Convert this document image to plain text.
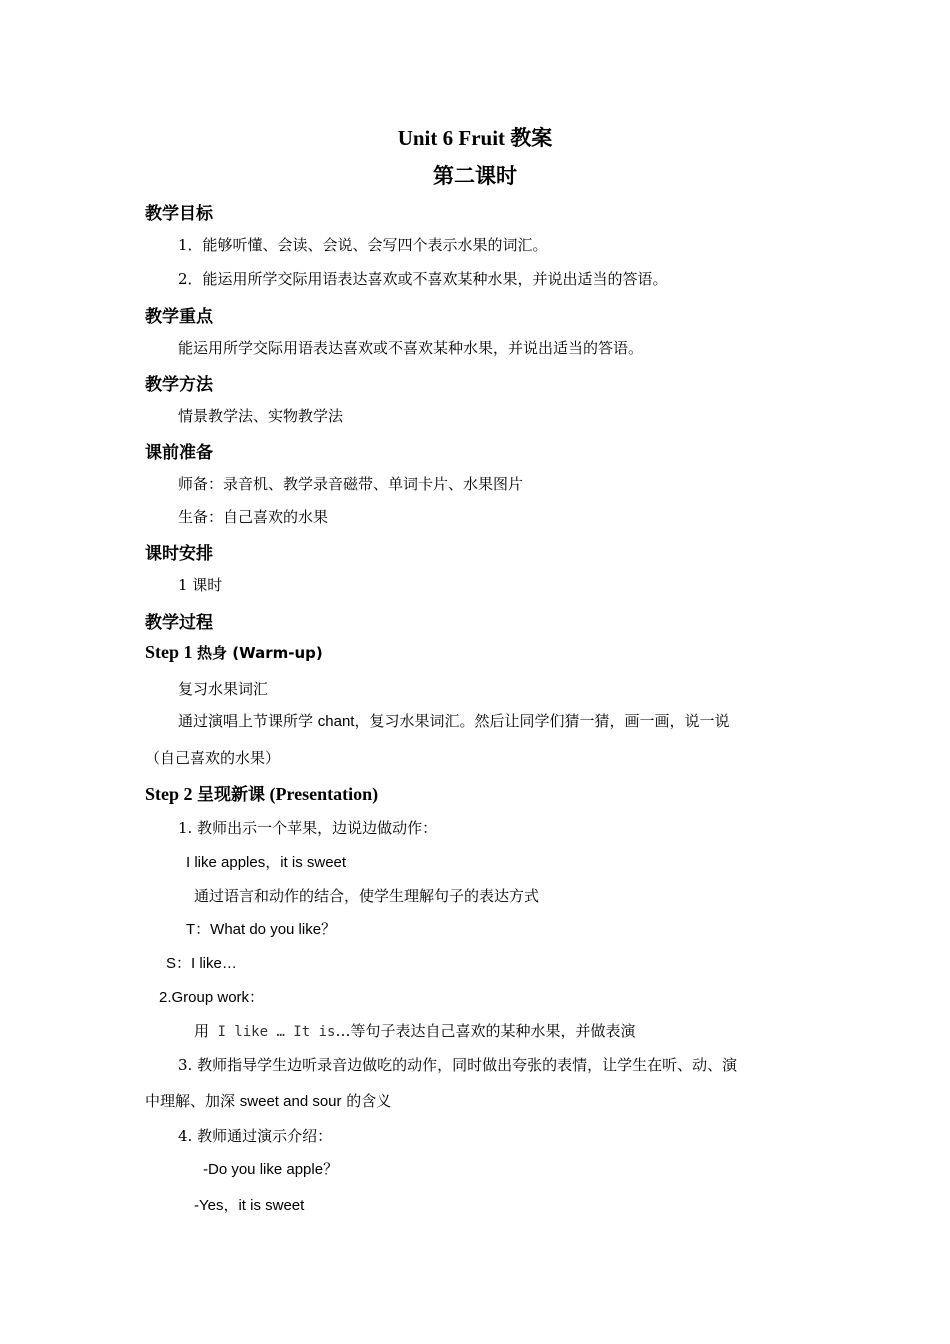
Unit 6 Fruit 教案
第二课时
教学目标
1．能够听懂、会读、会说、会写四个表示水果的词汇。
2．能运用所学交际用语表达喜欢或不喜欢某种水果，并说出适当的答语。
教学重点
能运用所学交际用语表达喜欢或不喜欢某种水果，并说出适当的答语。
教学方法
情景教学法、实物教学法
课前准备
师备：录音机、教学录音磁带、单词卡片、水果图片
生备：自己喜欢的水果
课时安排
1 课时
教学过程
Step 1 热身 (Warm-up)
复习水果词汇
通过演唱上节课所学 chant，复习水果词汇。然后让同学们猜一猜，画一画，说一说
（自己喜欢的水果）
Step 2 呈现新课 (Presentation)
1. 教师出示一个苹果，边说边做动作：
I like apples，it is sweet
通过语言和动作的结合，使学生理解句子的表达方式
T：What do you like？
S：I like…
2.Group work：
用 I like … It is…等句子表达自己喜欢的某种水果，并做表演
3. 教师指导学生边听录音边做吃的动作，同时做出夸张的表情，让学生在听、动、演
中理解、加深 sweet and sour 的含义
4. 教师通过演示介绍：
-Do you like apple？
-Yes，it is sweet
